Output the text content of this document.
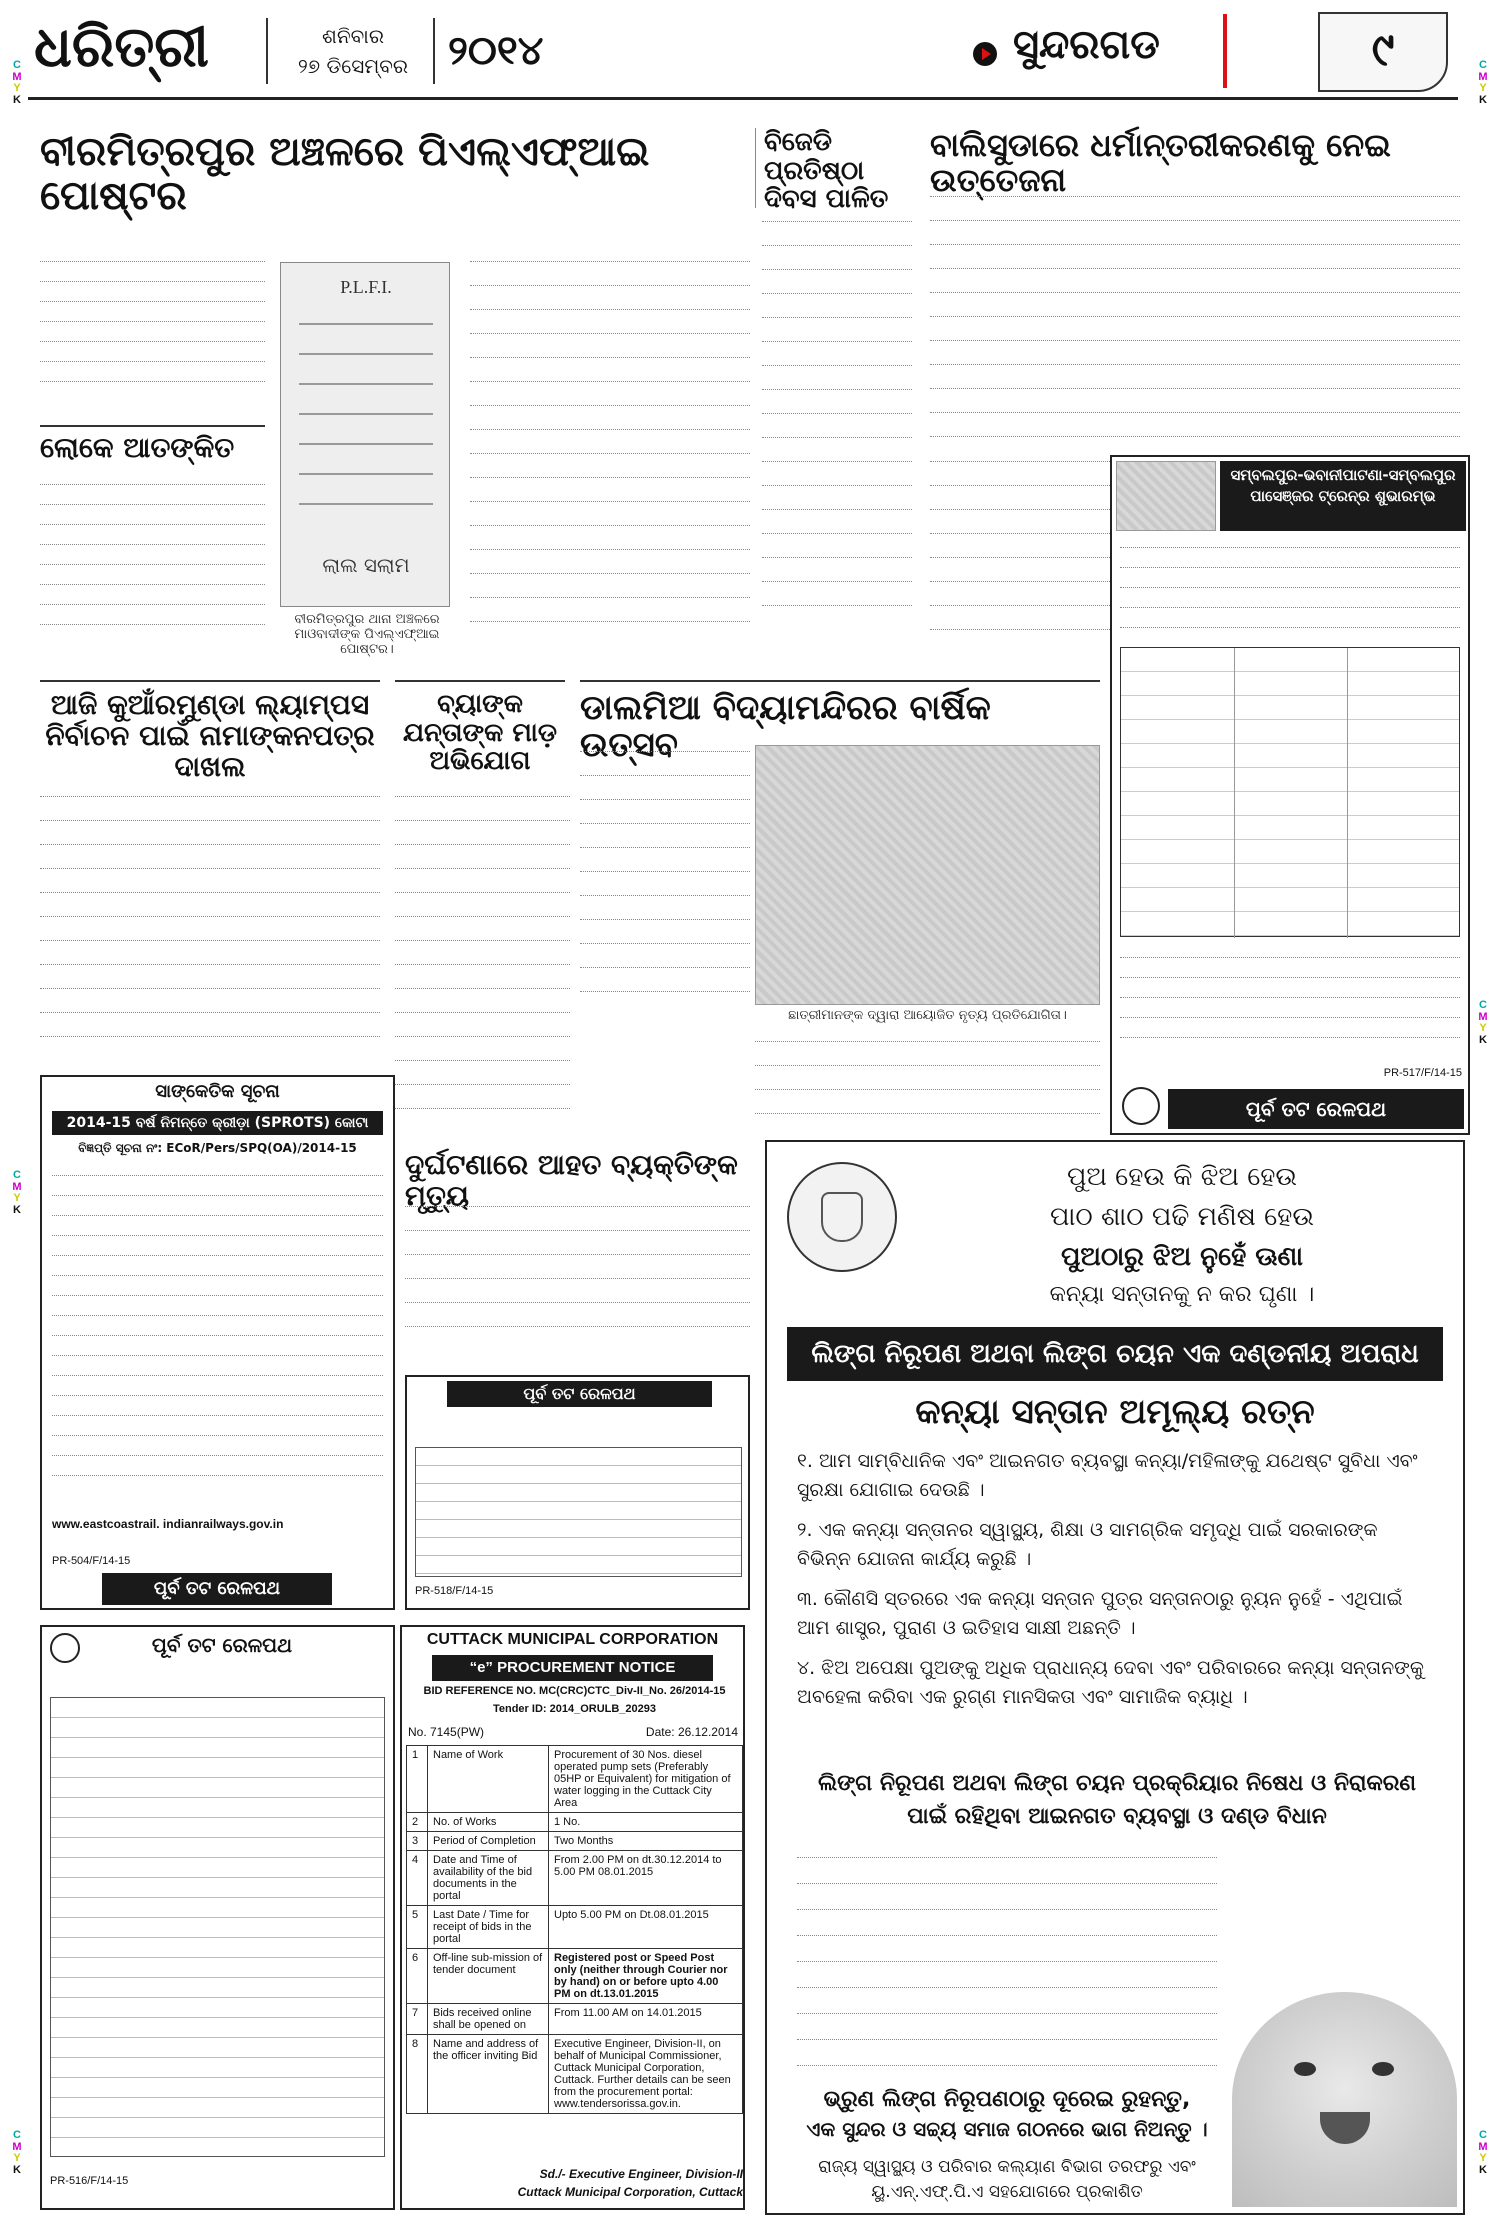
ଧରିତ୍ରୀ	ଶନିବାର
୨୭ ଡିସେମ୍ବର ୨୦୧୪	ସୁନ୍ଦରଗଡ	୯
C
M
Y
K
C
M
Y
K
C
M
Y
K
C
M
Y
K
C
M
Y
K
C
M
Y
K
ବୀରମିତ୍ରପୁର ଅଞ୍ଚଳରେ ପିଏଲ୍‌ଏଫ୍‌ଆଇ ପୋଷ୍ଟର
ଲୋକେ ଆତଙ୍କିତ
P.L.F.I.
ଲାଲ ସଲାମ
ବୀରମିତ୍ରପୁର ଥାନା ଅଞ୍ଚଳରେ ମାଓବାଦୀଙ୍କ ପିଏଲ୍‌ଏଫ୍‌ଆଇ ପୋଷ୍ଟର।
ବିଜେଡି ପ୍ରତିଷ୍ଠା ଦିବସ ପାଳିତ
ବାଲିସୁଡାରେ ଧର୍ମାନ୍ତରୀକରଣକୁ ନେଇ ଉତ୍ତେଜନା
ସମ୍ବଲପୁର-ଭବାନୀପାଟଣା-ସମ୍ବଲପୁର ପାସେଞ୍ଜର ଟ୍ରେନ୍‌ର ଶୁଭାରମ୍ଭ
PR-517/F/14-15
ପୂର୍ବ ତଟ ରେଳପଥ
ଆଜି କୁଆଁରମୁଣ୍ଡା ଲ୍ୟାମ୍ପସ ନିର୍ବାଚନ ପାଇଁ ନାମାଙ୍କନପତ୍ର ଦାଖଲ
ବ୍ୟାଙ୍କ ଯନ୍ତାଙ୍କ ମାଡ଼ ଅଭିଯୋଗ
ଡାଲମିଆ ବିଦ୍ୟାମନ୍ଦିରର ବାର୍ଷିକ ଉତ୍ସବ
ଛାତ୍ରୀମାନଙ୍କ ଦ୍ୱାରା ଆୟୋଜିତ ନୃତ୍ୟ ପ୍ରତିଯୋଗିତା।
ସାଙ୍କେତିକ ସୂଚନା
2014-15 ବର୍ଷ ନିମନ୍ତେ କ୍ରୀଡ଼ା (SPROTS) କୋଟା
ବିଜ୍ଞପ୍ତି ସୂଚନା ନଂ: ECoR/Pers/SPQ(OA)/2014-15
www.eastcoastrail. indianrailways.gov.in
PR-504/F/14-15
ପୂର୍ବ ତଟ ରେଳପଥ
ଦୁର୍ଘଟଣାରେ ଆହତ ବ୍ୟକ୍ତିଙ୍କ ମୃତ୍ୟୁ
ପୂର୍ବ ତଟ ରେଳପଥ
PR-518/F/14-15
ପୂର୍ବ ତଟ ରେଳପଥ
PR-516/F/14-15
CUTTACK MUNICIPAL CORPORATION
“e” PROCUREMENT NOTICE
BID REFERENCE NO. MC(CRC)CTC_Div-II_No. 26/2014-15
Tender ID: 2014_ORULB_20293
No. 7145(PW)	Date: 26.12.2014
1	Name of Work	Procurement of 30 Nos. diesel operated pump sets (Preferably 05HP or Equivalent) for mitigation of water logging in the Cuttack City Area
2	No. of Works	1 No.
3	Period of Completion	Two Months
4	Date and Time of availability of the bid documents in the portal	From 2.00 PM on dt.30.12.2014 to 5.00 PM 08.01.2015
5	Last Date / Time for receipt of bids in the portal	Upto 5.00 PM on Dt.08.01.2015
6	Off-line sub-mission of tender document	Registered post or Speed Post only (neither through Courier nor by hand) on or before upto 4.00 PM on dt.13.01.2015
7	Bids received online shall be opened on	From 11.00 AM on 14.01.2015
8	Name and address of the officer inviting Bid	Executive Engineer, Division-II, on behalf of Municipal Commissioner, Cuttack Municipal Corporation, Cuttack. Further details can be seen from the procurement portal: www.tendersorissa.gov.in.
Sd./- Executive Engineer, Division-II
Cuttack Municipal Corporation, Cuttack
ପୁଅ ହେଉ କି ଝିଅ ହେଉ
ପାଠ ଶାଠ ପଢି ମଣିଷ ହେଉ
ପୁଅଠାରୁ ଝିଅ ନୁହେଁ ଊଣା
କନ୍ୟା ସନ୍ତାନକୁ ନ କର ଘୃଣା ।
ଲିଙ୍ଗ ନିରୂପଣ ଅଥବା ଲିଙ୍ଗ ଚୟନ ଏକ ଦଣ୍ଡନୀୟ ଅପରାଧ
କନ୍ୟା ସନ୍ତାନ ଅମୂଲ୍ୟ ରତ୍ନ
୧. ଆମ ସାମ୍ବିଧାନିକ ଏବଂ ଆଇନଗତ ବ୍ୟବସ୍ଥା କନ୍ୟା/ମହିଳାଙ୍କୁ ଯଥେଷ୍ଟ ସୁବିଧା ଏବଂ ସୁରକ୍ଷା ଯୋଗାଇ ଦେଉଛି ।
୨. ଏକ କନ୍ୟା ସନ୍ତାନର ସ୍ୱାସ୍ଥ୍ୟ, ଶିକ୍ଷା ଓ ସାମଗ୍ରିକ ସମୃଦ୍ଧି ପାଇଁ ସରକାରଙ୍କ ବିଭିନ୍ନ ଯୋଜନା କାର୍ଯ୍ୟ କରୁଛି ।
୩. କୌଣସି ସ୍ତରରେ ଏକ କନ୍ୟା ସନ୍ତାନ ପୁତ୍ର ସନ୍ତାନଠାରୁ ନ୍ୟୁନ ନୁହେଁ - ଏଥିପାଇଁ ଆମ ଶାସ୍ତ୍ର, ପୁରାଣ ଓ ଇତିହାସ ସାକ୍ଷୀ ଅଛନ୍ତି ।
୪. ଝିଅ ଅପେକ୍ଷା ପୁଅଙ୍କୁ ଅଧିକ ପ୍ରାଧାନ୍ୟ ଦେବା ଏବଂ ପରିବାରରେ କନ୍ୟା ସନ୍ତାନଙ୍କୁ ଅବହେଳା କରିବା ଏକ ରୁଗ୍ଣ ମାନସିକତା ଏବଂ ସାମାଜିକ ବ୍ୟାଧି ।
ଲିଙ୍ଗ ନିରୂପଣ ଅଥବା ଲିଙ୍ଗ ଚୟନ ପ୍ରକ୍ରିୟାର ନିଷେଧ ଓ ନିରାକରଣ ପାଇଁ ରହିଥିବା ଆଇନଗତ ବ୍ୟବସ୍ଥା ଓ ଦଣ୍ଡ ବିଧାନ
ଭ୍ରୁଣ ଲିଙ୍ଗ ନିରୂପଣଠାରୁ ଦୂରେଇ ରୁହନ୍ତୁ,
ଏକ ସୁନ୍ଦର ଓ ସଚ୍ଚ୍ୟ ସମାଜ ଗଠନରେ ଭାଗ ନିଅନ୍ତୁ ।
ରାଜ୍ୟ ସ୍ୱାସ୍ଥ୍ୟ ଓ ପରିବାର କଲ୍ୟାଣ ବିଭାଗ ତରଫରୁ ଏବଂ
ୟୁ.ଏନ୍.ଏଫ୍.ପି.ଏ ସହଯୋଗରେ ପ୍ରକାଶିତ
